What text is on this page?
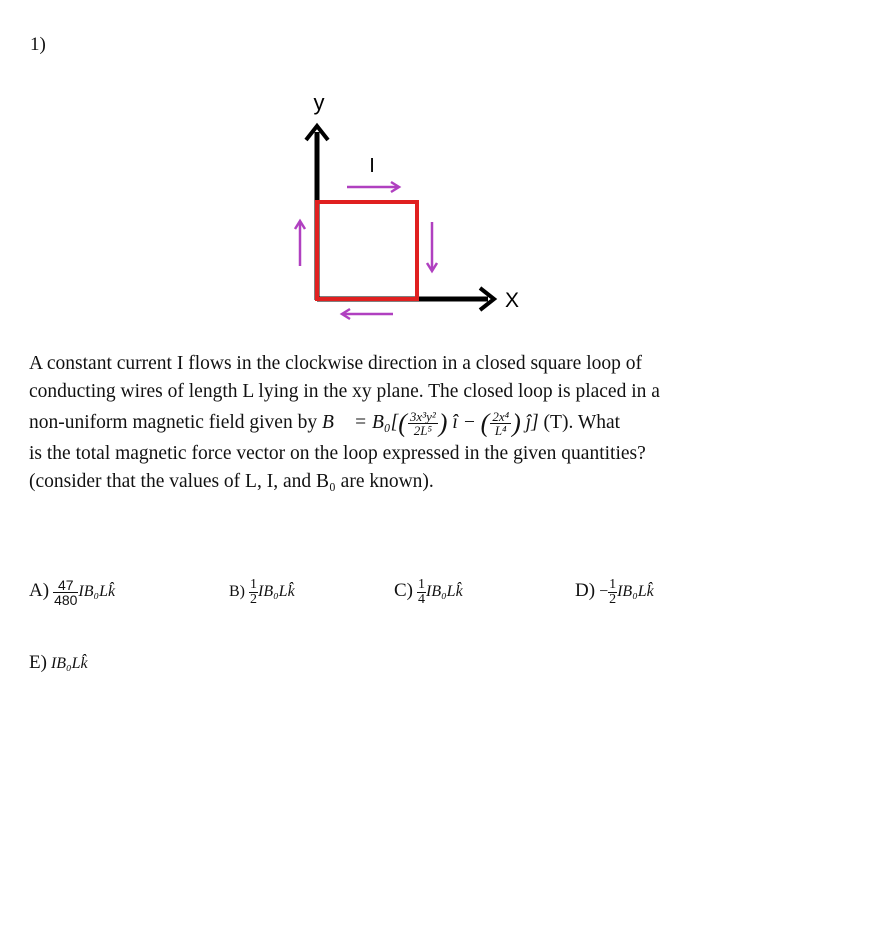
1)
y
X
I

A constant current I flows in the clockwise direction in a closed square loop of

conducting wires of length L lying in the xy plane. The closed loop is placed in a

non-uniform magnetic field given by B⃗ = $B_0[( \frac{\text{3x³y²}}{\text{2L⁵}}$ ) î − ( $\frac{\text{2x⁴}}{\text{L⁴}}$ ) ĵ] (T). What

is the total magnetic force vector on the loop expressed in the given quantities?

(consider that the values of L, I, and B₀ are known).

$A) \frac{47}{480}$ IB₀Lk̂	$B) \frac{1}{2}$ IB₀Lk̂	$C) \frac{1}{4}$ IB₀Lk̂	$D) - \frac{1}{2}$ IB₀Lk̂
E) IB₀Lk̂
